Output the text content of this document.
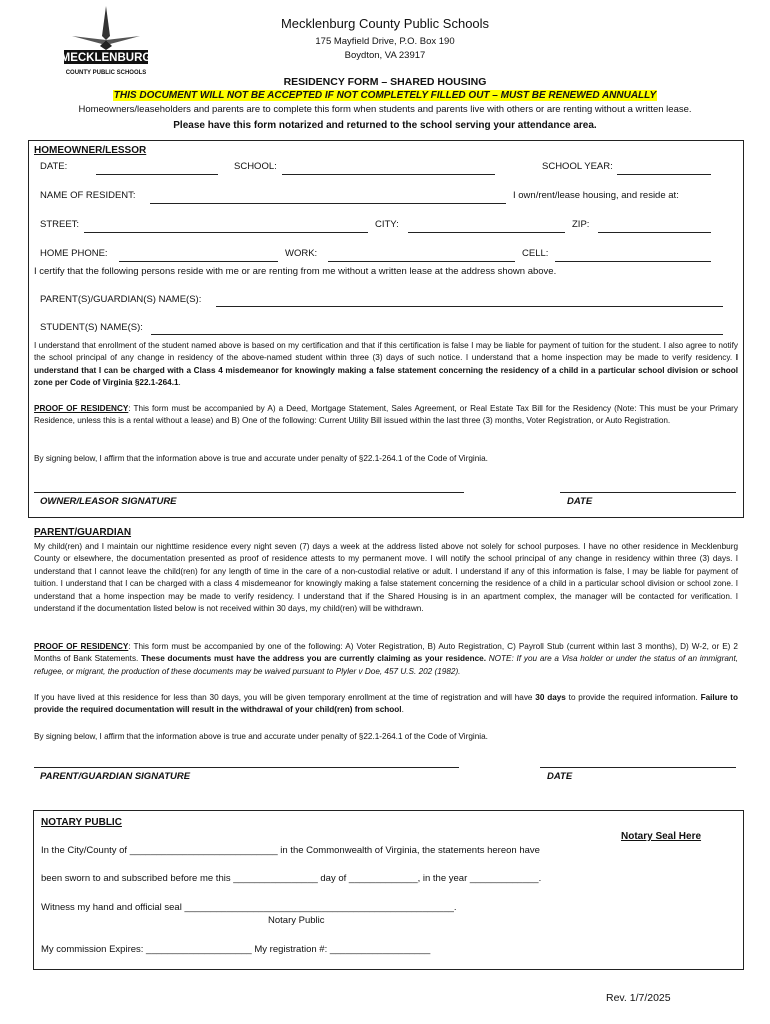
MECKLENBURG
COUNTY PUBLIC SCHOOLS
Mecklenburg County Public Schools
175 Mayfield Drive, P.O. Box 190
Boydton, VA 23917
RESIDENCY FORM – SHARED HOUSING
THIS DOCUMENT WILL NOT BE ACCEPTED IF NOT COMPLETELY FILLED OUT – MUST BE RENEWED ANNUALLY
Homeowners/leaseholders and parents are to complete this form when students and parents live with others or are renting without a written lease.
Please have this form notarized and returned to the school serving your attendance area.
HOMEOWNER/LESSOR
DATE:	SCHOOL:	SCHOOL YEAR:
NAME OF RESIDENT:	I own/rent/lease housing, and reside at:
STREET:	CITY:	ZIP:
HOME PHONE:	WORK:	CELL:
I certify that the following persons reside with me or are renting from me without a written lease at the address shown above.
PARENT(S)/GUARDIAN(S) NAME(S):
STUDENT(S) NAME(S):
I understand that enrollment of the student named above is based on my certification and that if this certification is false I may be liable for payment of tuition for the student. I also agree to notify the school principal of any change in residency of the above-named student within three (3) days of such notice. I understand that a home inspection may be made to verify residency. I understand that I can be charged with a Class 4 misdemeanor for knowingly making a false statement concerning the residency of a child in a particular school division or school zone per Code of Virginia §22.1-264.1.
PROOF OF RESIDENCY: This form must be accompanied by A) a Deed, Mortgage Statement, Sales Agreement, or Real Estate Tax Bill for the Residency (Note: This must be your Primary Residence, unless this is a rental without a lease) and B) One of the following: Current Utility Bill issued within the last three (3) months, Voter Registration, or Auto Registration.
By signing below, I affirm that the information above is true and accurate under penalty of §22.1-264.1 of the Code of Virginia.
OWNER/LEASOR SIGNATURE	DATE
PARENT/GUARDIAN
My child(ren) and I maintain our nighttime residence every night seven (7) days a week at the address listed above not solely for school purposes. I have no other residence in Mecklenburg County or elsewhere, the documentation presented as proof of residence attests to my permanent move. I will notify the school principal of any change in residency within three (3) days. I understand that I cannot leave the child(ren) for any length of time in the care of a non-custodial relative or adult. I understand if any of this information is false, I may be liable for payment of tuition. I understand that I can be charged with a class 4 misdemeanor for knowingly making a false statement concerning the residence of a child in a particular school division or school zone. I understand that a home inspection may be made to verify residency. I understand that if the Shared Housing is in an apartment complex, the manager will be contacted for verification. I understand if the documentation listed below is not received within 30 days, my child(ren) will be withdrawn.
PROOF OF RESIDENCY: This form must be accompanied by one of the following: A) Voter Registration, B) Auto Registration, C) Payroll Stub (current within last 3 months), D) W-2, or E) 2 Months of Bank Statements. These documents must have the address you are currently claiming as your residence. NOTE: If you are a Visa holder or under the status of an immigrant, refugee, or migrant, the production of these documents may be waived pursuant to Plyler v Doe, 457 U.S. 202 (1982).
If you have lived at this residence for less than 30 days, you will be given temporary enrollment at the time of registration and will have 30 days to provide the required information. Failure to provide the required documentation will result in the withdrawal of your child(ren) from school.
By signing below, I affirm that the information above is true and accurate under penalty of §22.1-264.1 of the Code of Virginia.
PARENT/GUARDIAN SIGNATURE	DATE
NOTARY PUBLIC
Notary Seal Here
In the City/County of ____________________________ in the Commonwealth of Virginia, the statements hereon have
been sworn to and subscribed before me this ________________ day of _____________, in the year _____________.
Witness my hand and official seal ___________________________________________________.
Notary Public
My commission Expires: ____________________ My registration #: ___________________
Rev. 1/7/2025
